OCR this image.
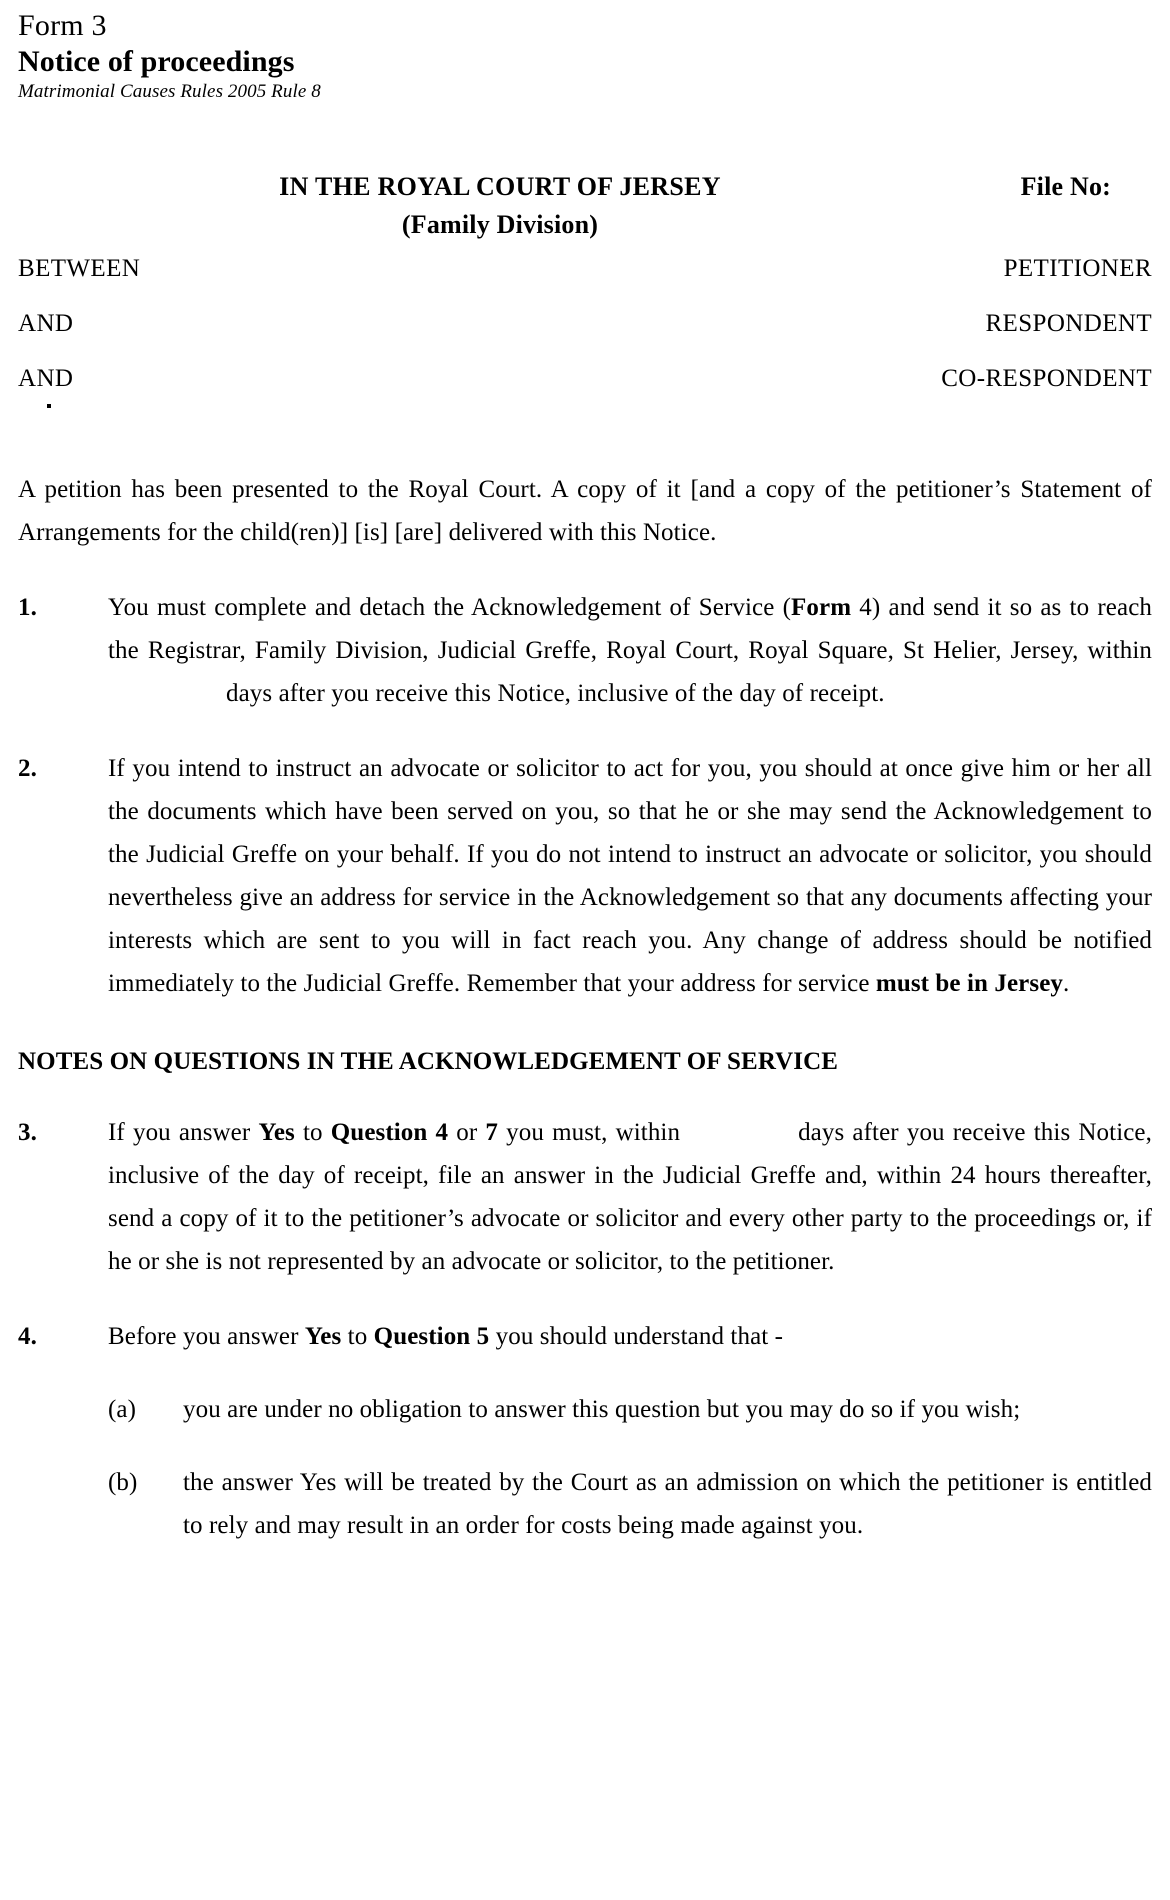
Form 3
Notice of proceedings
Matrimonial Causes Rules 2005 Rule 8
IN THE ROYAL COURT OF JERSEY	File No:
(Family Division)
BETWEEN	PETITIONER
AND	RESPONDENT
AND	CO-RESPONDENT

A petition has been presented to the Royal Court. A copy of it [and a copy of the petitioner’s Statement of Arrangements for the child(ren)] [is] [are] delivered with this Notice.

1.	You must complete and detach the Acknowledgement of Service (Form 4) and send it so as to reach the Registrar, Family Division, Judicial Greffe, Royal Court, Royal Square, St Helier, Jersey, withindays after you receive this Notice, inclusive of the day of receipt.

2.	If you intend to instruct an advocate or solicitor to act for you, you should at once give him or her all the documents which have been served on you, so that he or she may send the Acknowledgement to the Judicial Greffe on your behalf. If you do not intend to instruct an advocate or solicitor, you should nevertheless give an address for service in the Acknowledgement so that any documents affecting your interests which are sent to you will in fact reach you. Any change of address should be notified immediately to the Judicial Greffe. Remember that your address for service must be in Jersey.

NOTES ON QUESTIONS IN THE ACKNOWLEDGEMENT OF SERVICE
3.	If you answer Yes to Question 4 or 7 you must, within	days after you receive this Notice, inclusive of the day of receipt, file an answer in the Judicial Greffe and, within 24 hours thereafter, send a copy of it to the petitioner’s advocate or solicitor and every other party to the proceedings or, if he or she is not represented by an advocate or solicitor, to the petitioner.

4.	Before you answer Yes to Question 5 you should understand that -

(a) you are under no obligation to answer this question but you may do so if you wish;

(b) the answer Yes will be treated by the Court as an admission on which the petitioner is entitled to rely and may result in an order for costs being made against you.
